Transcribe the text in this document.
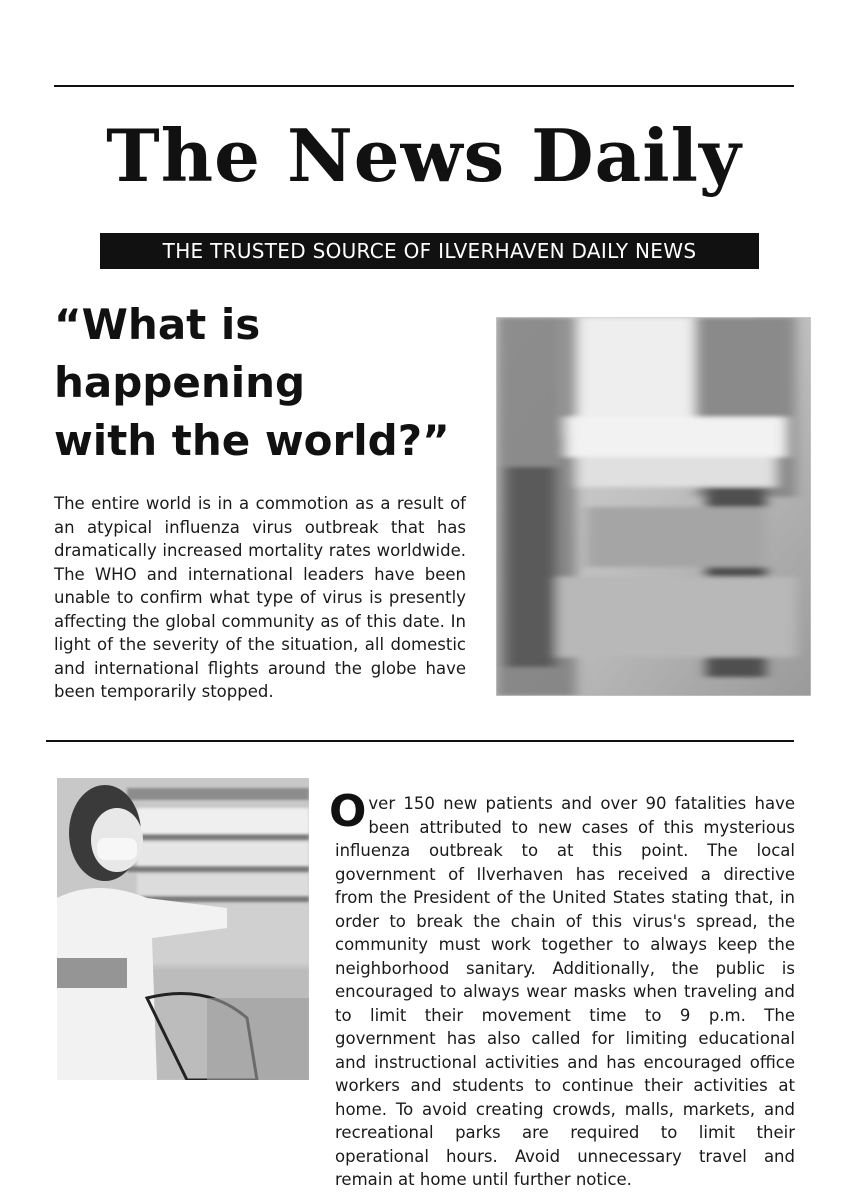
The News Daily
THE TRUSTED SOURCE OF ILVERHAVEN DAILY NEWS
“What is
happening
with the world?”
The entire world is in a commotion as a result of an atypical influenza virus outbreak that has dramatically increased mortality rates worldwide. The WHO and international leaders have been unable to confirm what type of virus is presently affecting the global community as of this date. In light of the severity of the situation, all domestic and international flights around the globe have been temporarily stopped.
Over 150 new patients and over 90 fatalities have been attributed to new cases of this mysterious influenza outbreak to at this point. The local government of Ilverhaven has received a directive from the President of the United States stating that, in order to break the chain of this virus's spread, the community must work together to always keep the neighborhood sanitary. Additionally, the public is encouraged to always wear masks when traveling and to limit their movement time to 9 p.m. The government has also called for limiting educational and instructional activities and has encouraged office workers and students to continue their activities at home. To avoid creating crowds, malls, markets, and recreational parks are required to limit their operational hours. Avoid unnecessary travel and remain at home until further notice.
